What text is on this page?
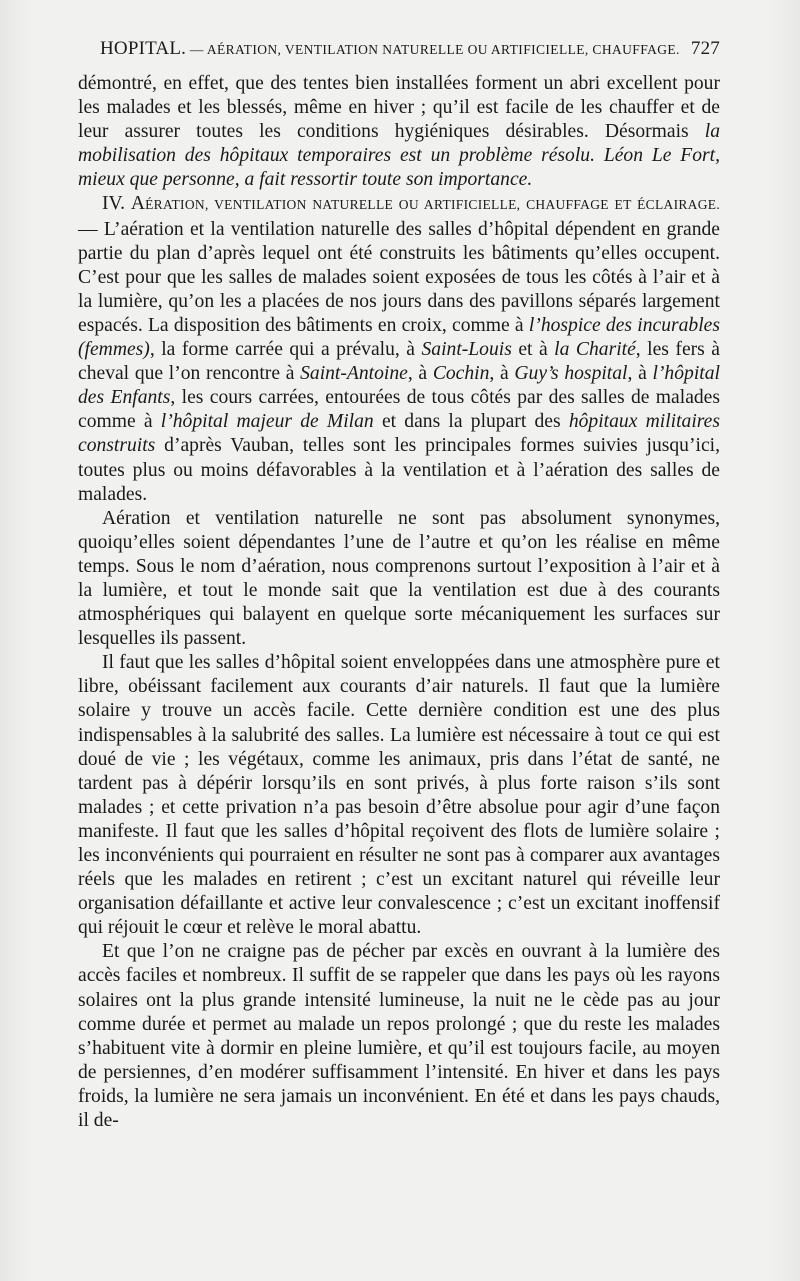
HOPITAL. — AÉRATION, VENTILATION NATURELLE OU ARTIFICIELLE, CHAUFFAGE. 727

démontré, en effet, que des tentes bien installées forment un abri excellent pour les malades et les blessés, même en hiver ; qu’il est facile de les chauffer et de leur assurer toutes les conditions hygiéniques désirables. Désormais la mobilisation des hôpitaux temporaires est un problème résolu. Léon Le Fort, mieux que personne, a fait ressortir toute son importance.

IV. AÉRATION, VENTILATION NATURELLE OU ARTIFICIELLE, CHAUFFAGE ET ÉCLAIRAGE. — L’aération et la ventilation naturelle des salles d’hôpital dépendent en grande partie du plan d’après lequel ont été construits les bâtiments qu’elles occupent. C’est pour que les salles de malades soient exposées de tous les côtés à l’air et à la lumière, qu’on les a placées de nos jours dans des pavillons séparés largement espacés. La disposition des bâtiments en croix, comme à l’hospice des incurables (femmes), la forme carrée qui a prévalu, à Saint-Louis et à la Charité, les fers à cheval que l’on rencontre à Saint-Antoine, à Cochin, à Guy’s hospital, à l’hôpital des Enfants, les cours carrées, entourées de tous côtés par des salles de malades comme à l’hôpital majeur de Milan et dans la plupart des hôpitaux militaires construits d’après Vauban, telles sont les principales formes suivies jusqu’ici, toutes plus ou moins défavorables à la ventilation et à l’aération des salles de malades.

Aération et ventilation naturelle ne sont pas absolument synonymes, quoiqu’elles soient dépendantes l’une de l’autre et qu’on les réalise en même temps. Sous le nom d’aération, nous comprenons surtout l’exposition à l’air et à la lumière, et tout le monde sait que la ventilation est due à des courants atmosphériques qui balayent en quelque sorte mécaniquement les surfaces sur lesquelles ils passent.

Il faut que les salles d’hôpital soient enveloppées dans une atmosphère pure et libre, obéissant facilement aux courants d’air naturels. Il faut que la lumière solaire y trouve un accès facile. Cette dernière condition est une des plus indispensables à la salubrité des salles. La lumière est nécessaire à tout ce qui est doué de vie ; les végétaux, comme les animaux, pris dans l’état de santé, ne tardent pas à dépérir lorsqu’ils en sont privés, à plus forte raison s’ils sont malades ; et cette privation n’a pas besoin d’être absolue pour agir d’une façon manifeste. Il faut que les salles d’hôpital reçoivent des flots de lumière solaire ; les inconvénients qui pourraient en résulter ne sont pas à comparer aux avantages réels que les malades en retirent ; c’est un excitant naturel qui réveille leur organisation défaillante et active leur convalescence ; c’est un excitant inoffensif qui réjouit le cœur et relève le moral abattu.

Et que l’on ne craigne pas de pécher par excès en ouvrant à la lumière des accès faciles et nombreux. Il suffit de se rappeler que dans les pays où les rayons solaires ont la plus grande intensité lumineuse, la nuit ne le cède pas au jour comme durée et permet au malade un repos prolongé ; que du reste les malades s’habituent vite à dormir en pleine lumière, et qu’il est toujours facile, au moyen de persiennes, d’en modérer suffisamment l’intensité. En hiver et dans les pays froids, la lumière ne sera jamais un inconvénient. En été et dans les pays chauds, il de-
